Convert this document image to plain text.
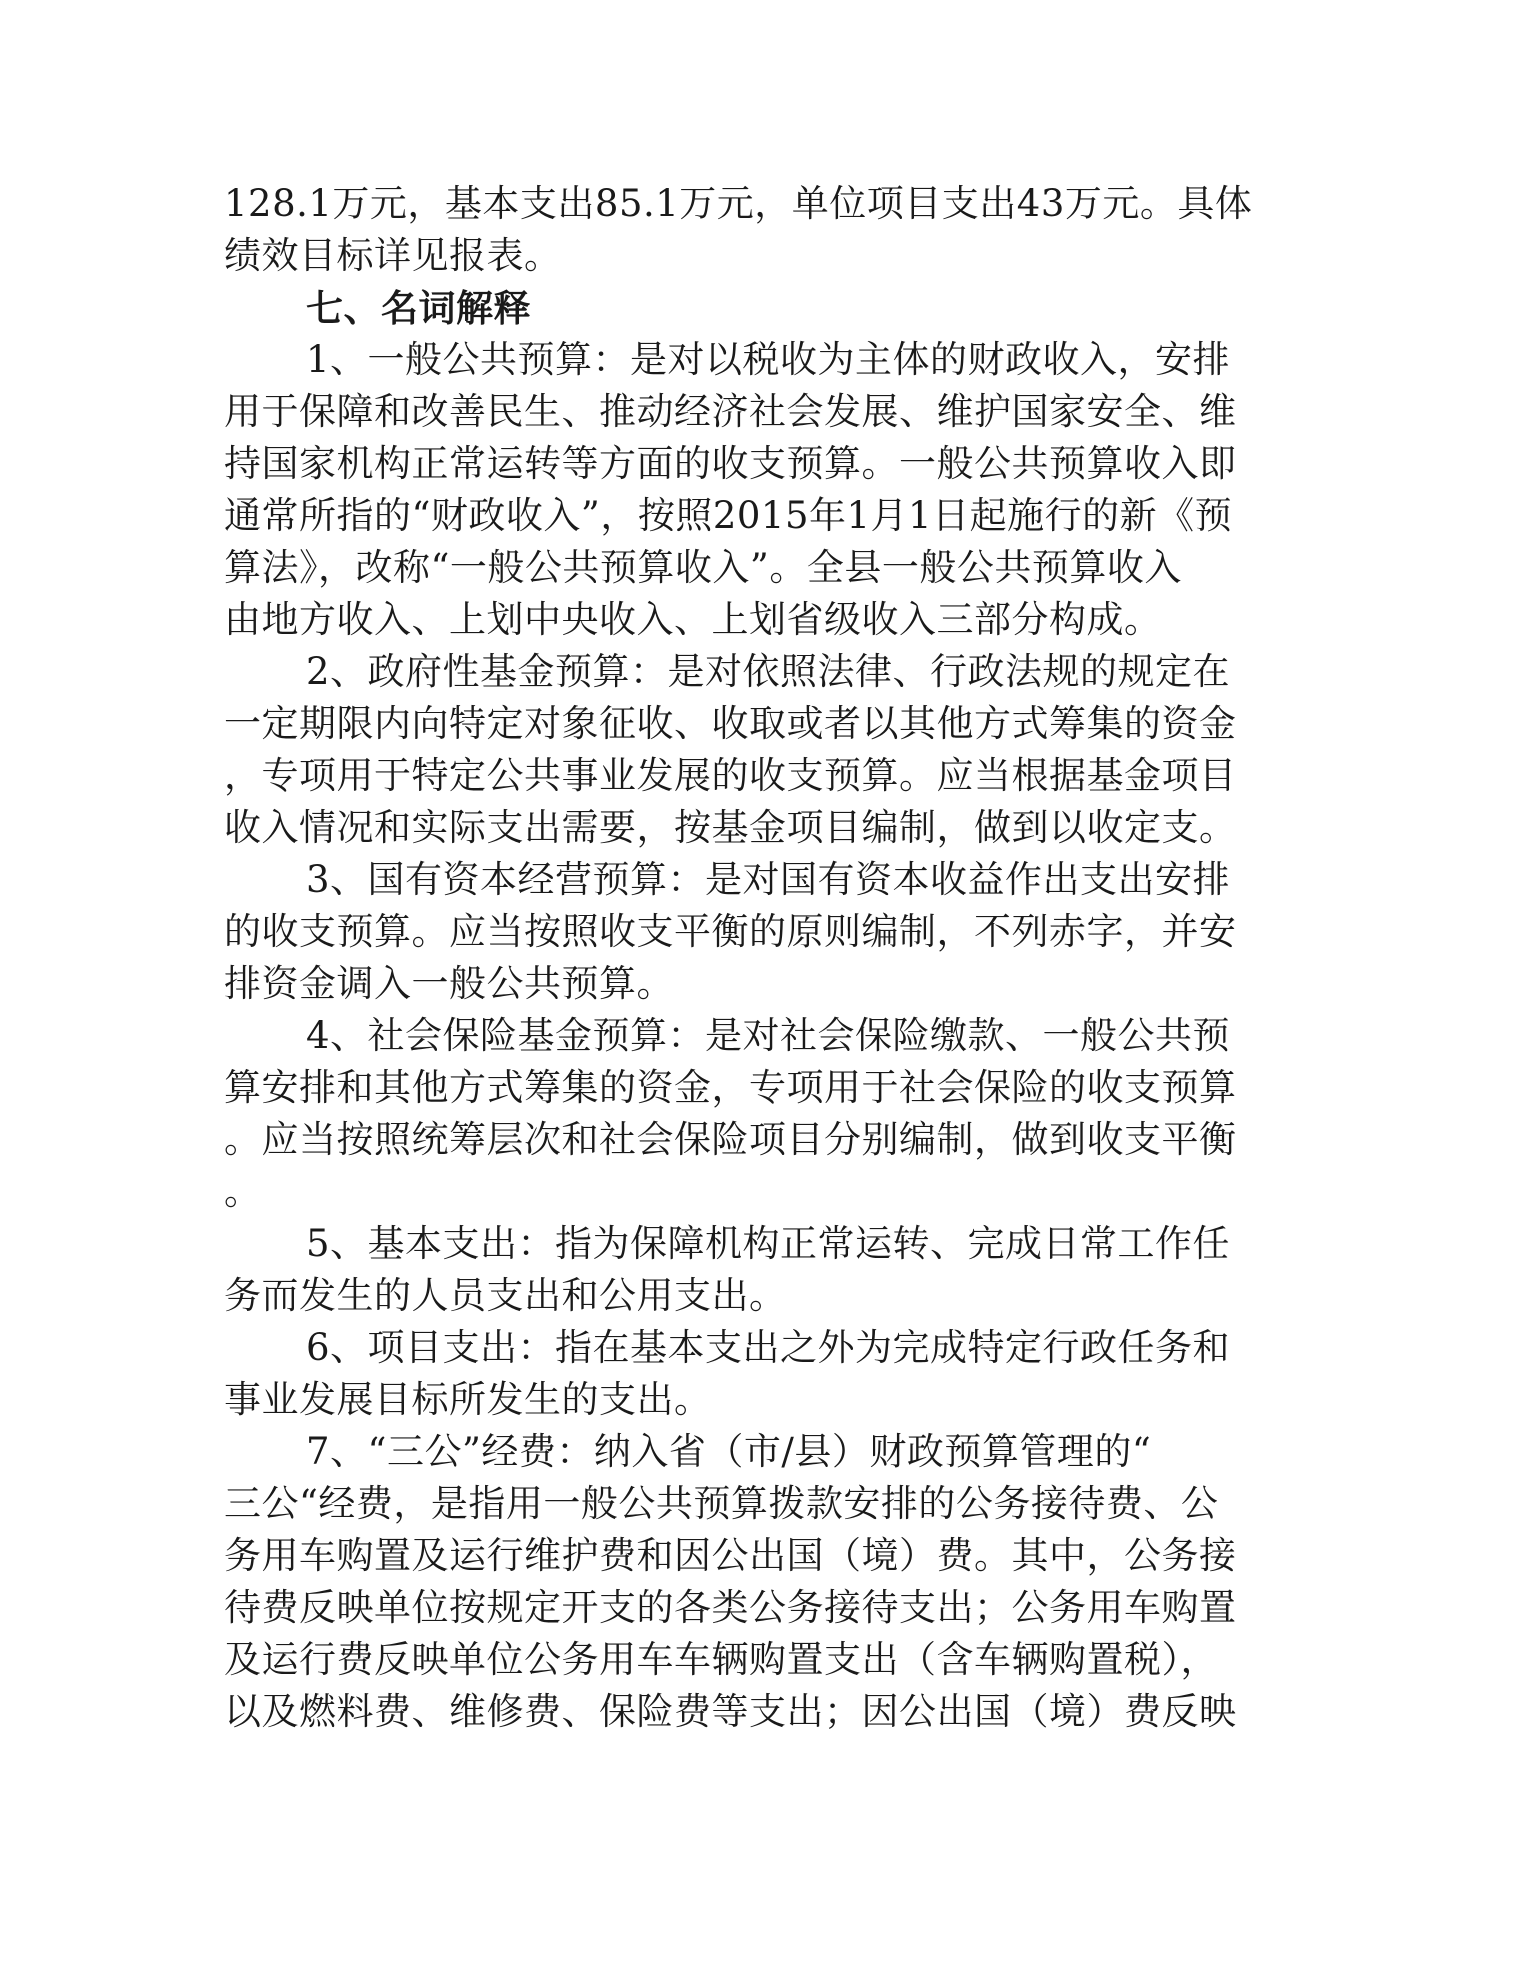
128.1万元，基本支出85.1万元，单位项目支出43万元。具体
绩效目标详见报表。
七、名词解释
1、一般公共预算：是对以税收为主体的财政收入，安排
用于保障和改善民生、推动经济社会发展、维护国家安全、维
持国家机构正常运转等方面的收支预算。一般公共预算收入即
通常所指的“财政收入”，按照2015年1月1日起施行的新《预
算法》，改称“一般公共预算收入”。全县一般公共预算收入
由地方收入、上划中央收入、上划省级收入三部分构成。
2、政府性基金预算：是对依照法律、行政法规的规定在
一定期限内向特定对象征收、收取或者以其他方式筹集的资金
，专项用于特定公共事业发展的收支预算。应当根据基金项目
收入情况和实际支出需要，按基金项目编制，做到以收定支。
3、国有资本经营预算：是对国有资本收益作出支出安排
的收支预算。应当按照收支平衡的原则编制，不列赤字，并安
排资金调入一般公共预算。
4、社会保险基金预算：是对社会保险缴款、一般公共预
算安排和其他方式筹集的资金，专项用于社会保险的收支预算
。应当按照统筹层次和社会保险项目分别编制，做到收支平衡
。
5、基本支出：指为保障机构正常运转、完成日常工作任
务而发生的人员支出和公用支出。
6、项目支出：指在基本支出之外为完成特定行政任务和
事业发展目标所发生的支出。
7、“三公”经费：纳入省（市/县）财政预算管理的“
三公“经费，是指用一般公共预算拨款安排的公务接待费、公
务用车购置及运行维护费和因公出国（境）费。其中，公务接
待费反映单位按规定开支的各类公务接待支出；公务用车购置
及运行费反映单位公务用车车辆购置支出（含车辆购置税），
以及燃料费、维修费、保险费等支出；因公出国（境）费反映
